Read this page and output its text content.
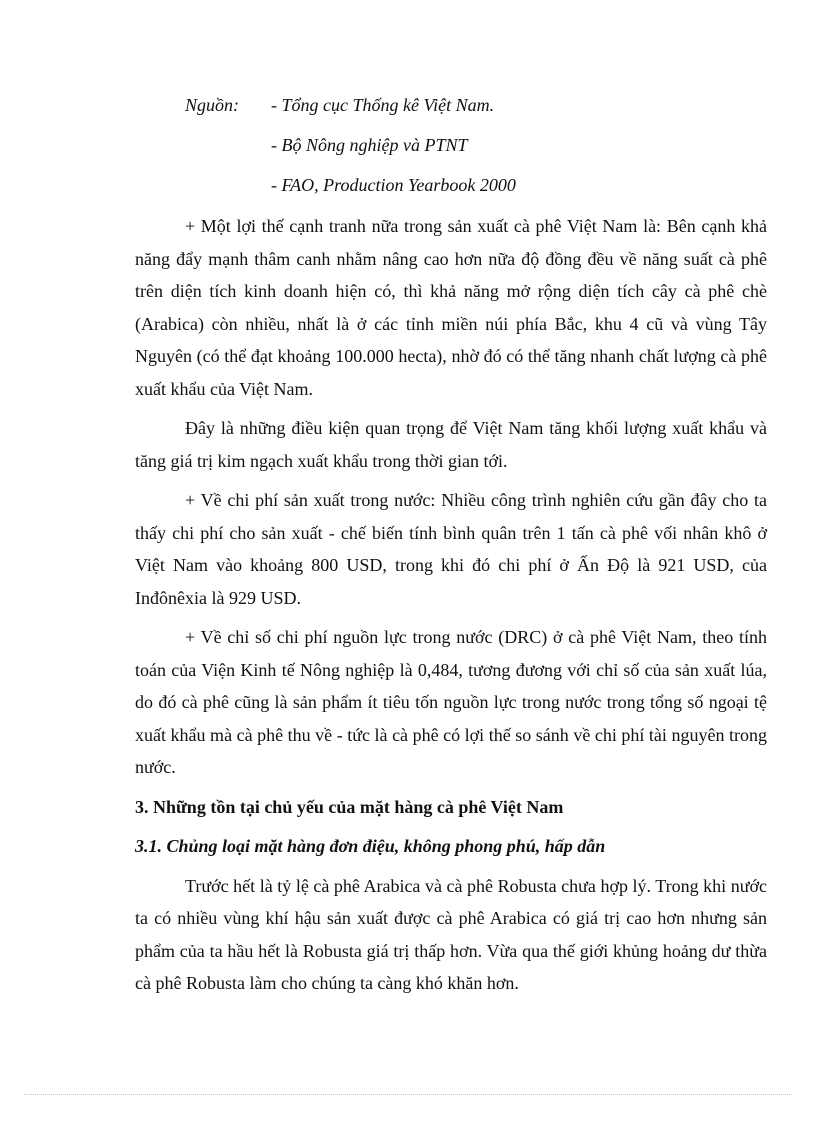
Nguồn: - Tổng cục Thống kê Việt Nam.
- Bộ Nông nghiệp và PTNT
- FAO, Production Yearbook 2000

+ Một lợi thế cạnh tranh nữa trong sản xuất cà phê Việt Nam là: Bên cạnh khả năng đẩy mạnh thâm canh nhằm nâng cao hơn nữa độ đồng đều về năng suất cà phê trên diện tích kinh doanh hiện có, thì khả năng mở rộng diện tích cây cà phê chè (Arabica) còn nhiều, nhất là ở các tỉnh miền núi phía Bắc, khu 4 cũ và vùng Tây Nguyên (có thể đạt khoảng 100.000 hecta), nhờ đó có thể tăng nhanh chất lượng cà phê xuất khẩu của Việt Nam.

Đây là những điều kiện quan trọng để Việt Nam tăng khối lượng xuất khẩu và tăng giá trị kim ngạch xuất khẩu trong thời gian tới.

+ Về chi phí sản xuất trong nước: Nhiều công trình nghiên cứu gần đây cho ta thấy chi phí cho sản xuất - chế biến tính bình quân trên 1 tấn cà phê vối nhân khô ở Việt Nam vào khoảng 800 USD, trong khi đó chi phí ở Ấn Độ là 921 USD, của Inđônêxia là 929 USD.

+ Về chỉ số chi phí nguồn lực trong nước (DRC) ở cà phê Việt Nam, theo tính toán của Viện Kinh tế Nông nghiệp là 0,484, tương đương với chỉ số của sản xuất lúa, do đó cà phê cũng là sản phẩm ít tiêu tốn nguồn lực trong nước trong tổng số ngoại tệ xuất khẩu mà cà phê thu về - tức là cà phê có lợi thế so sánh về chi phí tài nguyên trong nước.

3. Những tồn tại chủ yếu của mặt hàng cà phê Việt Nam
3.1. Chủng loại mặt hàng đơn điệu, không phong phú, hấp dẫn

Trước hết là tỷ lệ cà phê Arabica và cà phê Robusta chưa hợp lý. Trong khi nước ta có nhiều vùng khí hậu sản xuất được cà phê Arabica có giá trị cao hơn nhưng sản phẩm của ta hầu hết là Robusta giá trị thấp hơn. Vừa qua thế giới khủng hoảng dư thừa cà phê Robusta làm cho chúng ta càng khó khăn hơn.
